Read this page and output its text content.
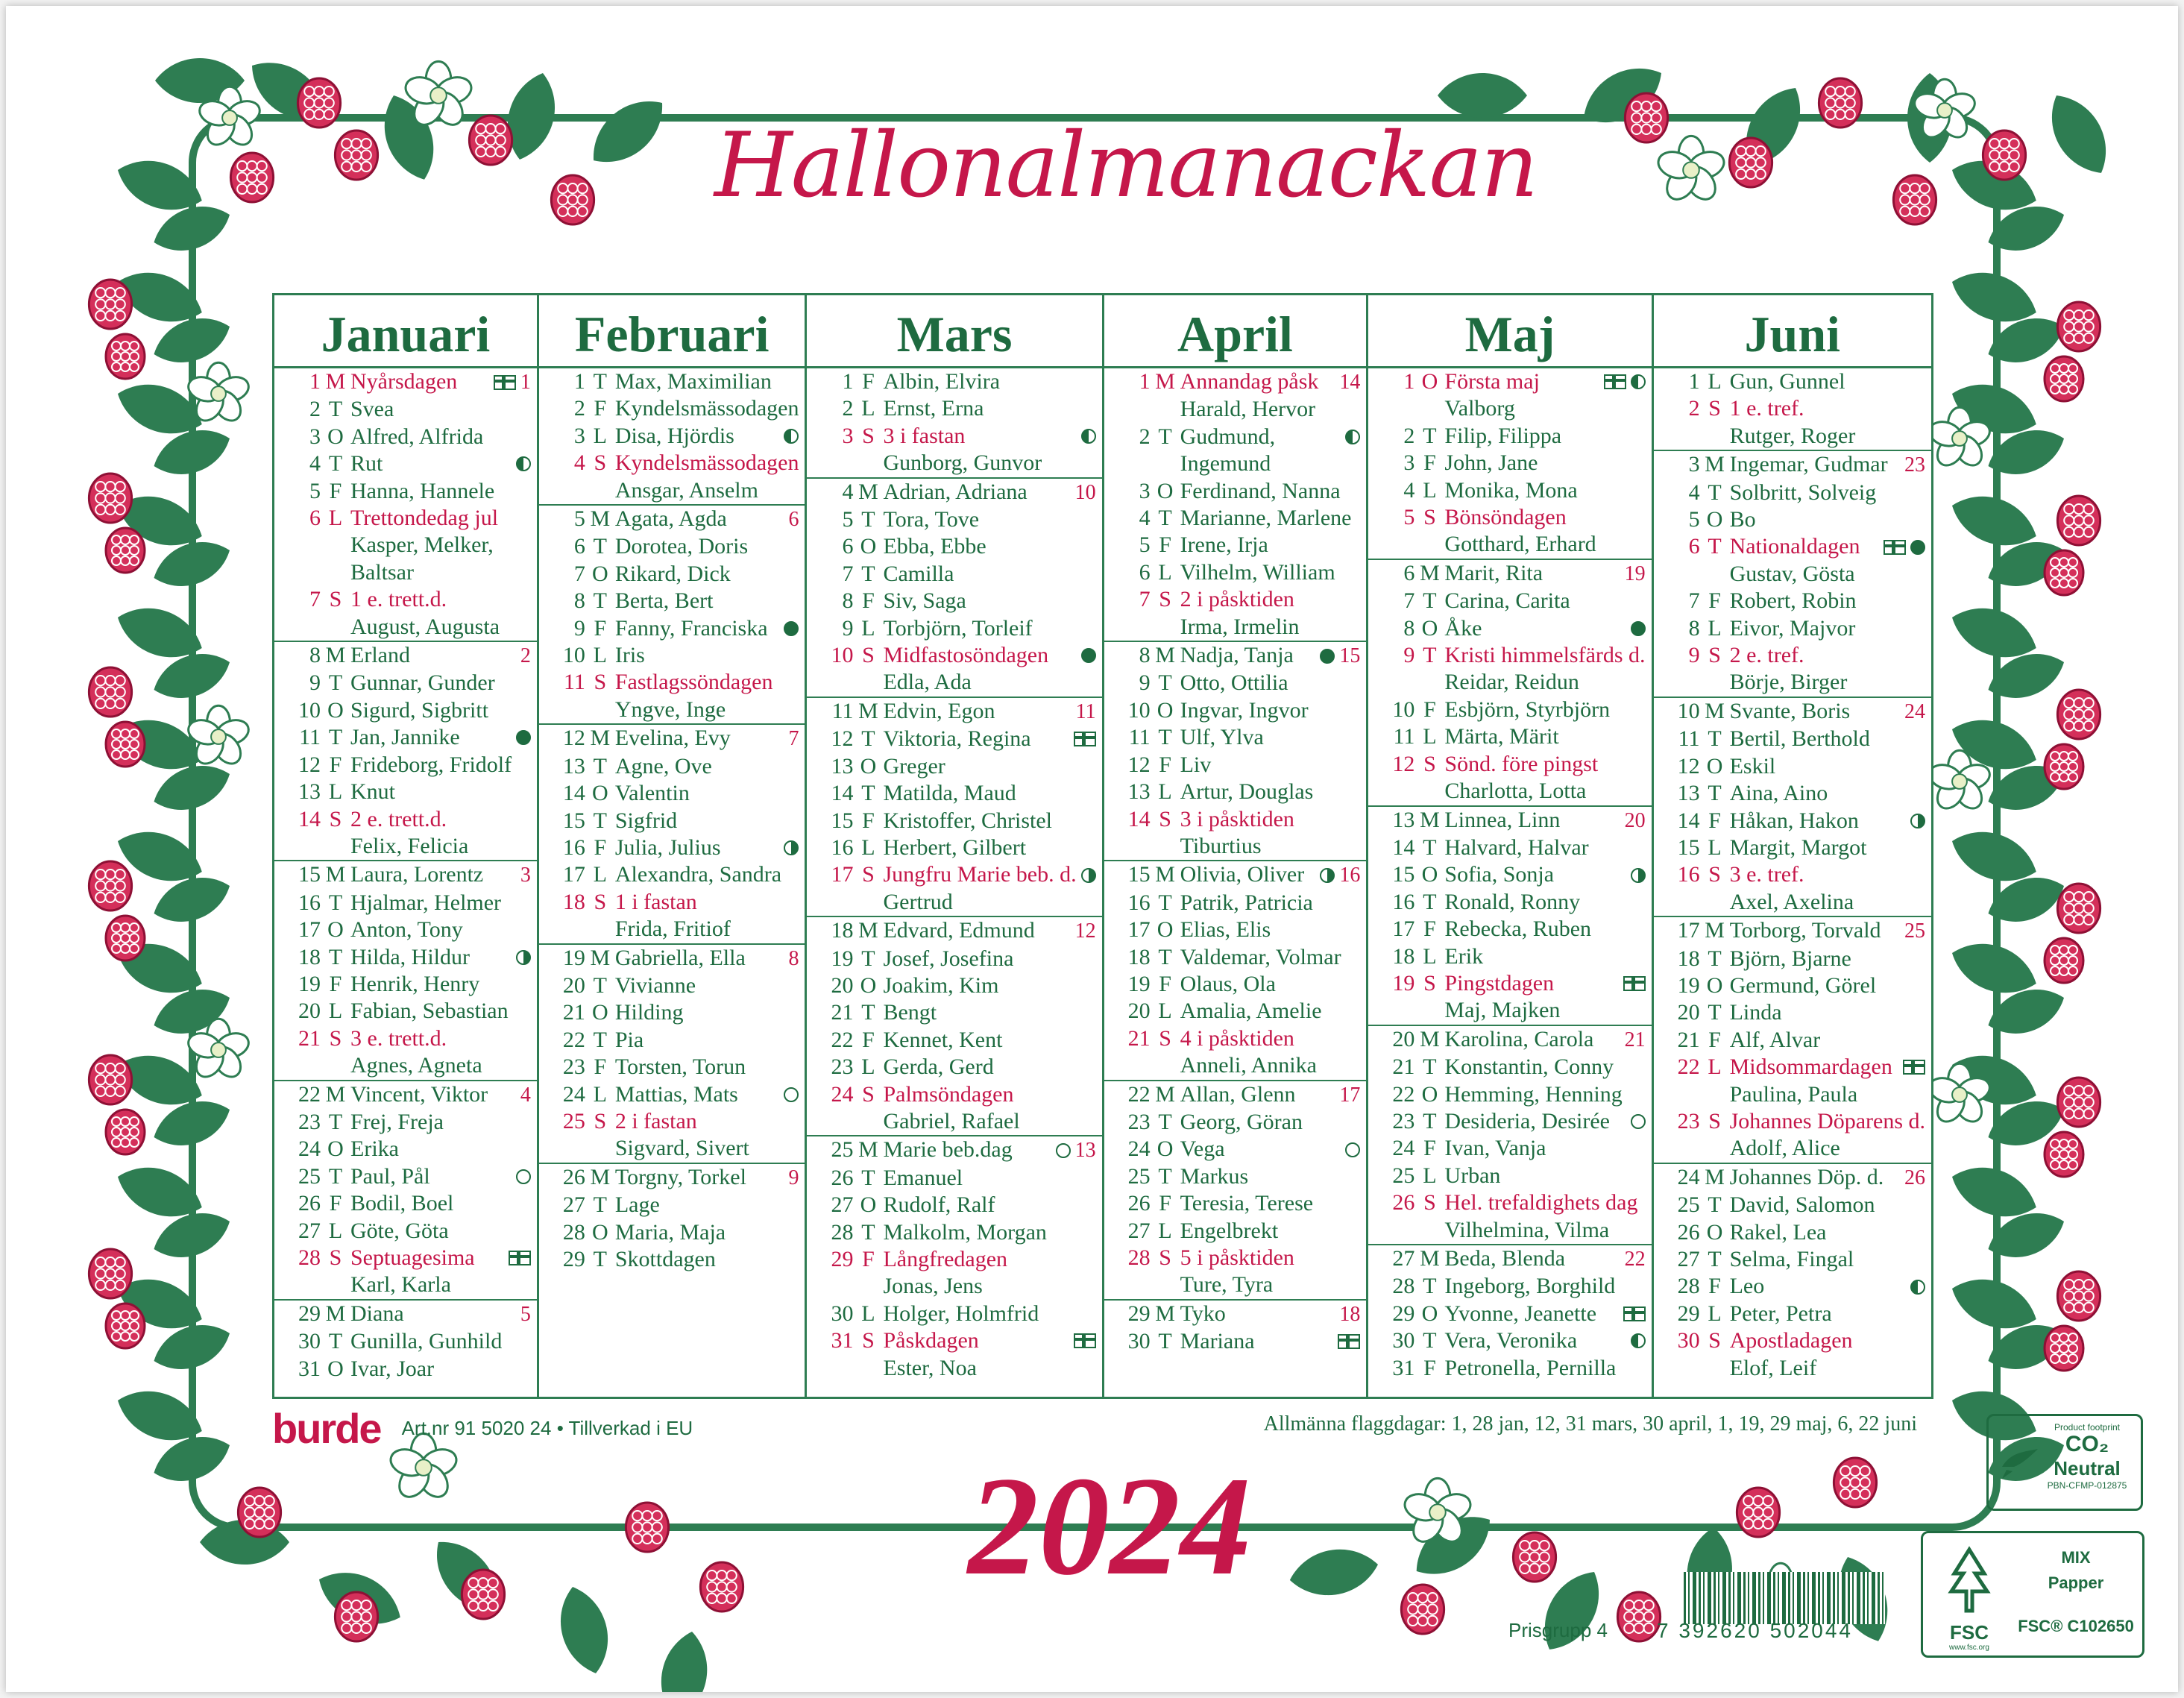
Hallonalmanackan
Januari
1 M Nyårsdagen	1
2 T Svea
3 O Alfred, Alfrida
4 T Rut
5 F Hanna, Hannele
6 L Trettondedag jul
Kasper, Melker,
Baltsar
7 S 1 e. trett.d.
August, Augusta
8 M Erland	2
9 T Gunnar, Gunder
10 O Sigurd, Sigbritt
11 T Jan, Jannike
12 F Frideborg, Fridolf
13 L Knut
14 S 2 e. trett.d.
Felix, Felicia
15 M Laura, Lorentz	3
16 T Hjalmar, Helmer
17 O Anton, Tony
18 T Hilda, Hildur
19 F Henrik, Henry
20 L Fabian, Sebastian
21 S 3 e. trett.d.
Agnes, Agneta
22 M Vincent, Viktor	4
23 T Frej, Freja
24 O Erika
25 T Paul, Pål
26 F Bodil, Boel
27 L Göte, Göta
28 S Septuagesima
Karl, Karla
29 M Diana	5
30 T Gunilla, Gunhild
31 O Ivar, Joar
Februari
1 T Max, Maximilian
2 F Kyndelsmässodagen
3 L Disa, Hjördis
4 S Kyndelsmässodagen
Ansgar, Anselm
5 M Agata, Agda	6
6 T Dorotea, Doris
7 O Rikard, Dick
8 T Berta, Bert
9 F Fanny, Franciska
10 L Iris
11 S Fastlagssöndagen
Yngve, Inge
12 M Evelina, Evy	7
13 T Agne, Ove
14 O Valentin
15 T Sigfrid
16 F Julia, Julius
17 L Alexandra, Sandra
18 S 1 i fastan
Frida, Fritiof
19 M Gabriella, Ella	8
20 T Vivianne
21 O Hilding
22 T Pia
23 F Torsten, Torun
24 L Mattias, Mats
25 S 2 i fastan
Sigvard, Sivert
26 M Torgny, Torkel	9
27 T Lage
28 O Maria, Maja
29 T Skottdagen
Mars
1 F Albin, Elvira
2 L Ernst, Erna
3 S 3 i fastan
Gunborg, Gunvor
4 M Adrian, Adriana	10
5 T Tora, Tove
6 O Ebba, Ebbe
7 T Camilla
8 F Siv, Saga
9 L Torbjörn, Torleif
10 S Midfastosöndagen
Edla, Ada
11 M Edvin, Egon	11
12 T Viktoria, Regina
13 O Greger
14 T Matilda, Maud
15 F Kristoffer, Christel
16 L Herbert, Gilbert
17 S Jungfru Marie beb. d.
Gertrud
18 M Edvard, Edmund	12
19 T Josef, Josefina
20 O Joakim, Kim
21 T Bengt
22 F Kennet, Kent
23 L Gerda, Gerd
24 S Palmsöndagen
Gabriel, Rafael
25 M Marie beb.dag	13
26 T Emanuel
27 O Rudolf, Ralf
28 T Malkolm, Morgan
29 F Långfredagen
Jonas, Jens
30 L Holger, Holmfrid
31 S Påskdagen
Ester, Noa
April
1 M Annandag påsk	14
Harald, Hervor
2 T Gudmund,
Ingemund
3 O Ferdinand, Nanna
4 T Marianne, Marlene
5 F Irene, Irja
6 L Vilhelm, William
7 S 2 i påsktiden
Irma, Irmelin
8 M Nadja, Tanja	15
9 T Otto, Ottilia
10 O Ingvar, Ingvor
11 T Ulf, Ylva
12 F Liv
13 L Artur, Douglas
14 S 3 i påsktiden
Tiburtius
15 M Olivia, Oliver	16
16 T Patrik, Patricia
17 O Elias, Elis
18 T Valdemar, Volmar
19 F Olaus, Ola
20 L Amalia, Amelie
21 S 4 i påsktiden
Anneli, Annika
22 M Allan, Glenn	17
23 T Georg, Göran
24 O Vega
25 T Markus
26 F Teresia, Terese
27 L Engelbrekt
28 S 5 i påsktiden
Ture, Tyra
29 M Tyko	18
30 T Mariana
Maj
1 O Första maj
Valborg
2 T Filip, Filippa
3 F John, Jane
4 L Monika, Mona
5 S Bönsöndagen
Gotthard, Erhard
6 M Marit, Rita	19
7 T Carina, Carita
8 O Åke
9 T Kristi himmelsfärds d.
Reidar, Reidun
10 F Esbjörn, Styrbjörn
11 L Märta, Märit
12 S Sönd. före pingst
Charlotta, Lotta
13 M Linnea, Linn	20
14 T Halvard, Halvar
15 O Sofia, Sonja
16 T Ronald, Ronny
17 F Rebecka, Ruben
18 L Erik
19 S Pingstdagen
Maj, Majken
20 M Karolina, Carola	21
21 T Konstantin, Conny
22 O Hemming, Henning
23 T Desideria, Desirée
24 F Ivan, Vanja
25 L Urban
26 S Hel. trefaldighets dag
Vilhelmina, Vilma
27 M Beda, Blenda	22
28 T Ingeborg, Borghild
29 O Yvonne, Jeanette
30 T Vera, Veronika
31 F Petronella, Pernilla
Juni
1 L Gun, Gunnel
2 S 1 e. tref.
Rutger, Roger
3 M Ingemar, Gudmar 23
4 T Solbritt, Solveig
5 O Bo
6 T Nationaldagen
Gustav, Gösta
7 F Robert, Robin
8 L Eivor, Majvor
9 S 2 e. tref.
Börje, Birger
10 M Svante, Boris	24
11 T Bertil, Berthold
12 O Eskil
13 T Aina, Aino
14 F Håkan, Hakon
15 L Margit, Margot
16 S 3 e. tref.
Axel, Axelina
17 M Torborg, Torvald	25
18 T Björn, Bjarne
19 O Germund, Görel
20 T Linda
21 F Alf, Alvar
22 L Midsommardagen
Paulina, Paula
23 S Johannes Döparens d.
Adolf, Alice
24 M Johannes Döp. d. 26
25 T David, Salomon
26 O Rakel, Lea
27 T Selma, Fingal
28 F Leo
29 L Peter, Petra
30 S Apostladagen
Elof, Leif
burde Art.nr 91 5020 24 • Tillverkad i EU	Allmänna flaggdagar: 1, 28 jan, 12, 31 mars, 30 april, 1, 19, 29 maj, 6, 22 juni
2024
Product footprint
CO₂
Neutral
PBN-CFMP-012875
FSC
www.fsc.org
MIX
Papper
FSC® C102650
Prisgrupp 4 7 392620 502044
